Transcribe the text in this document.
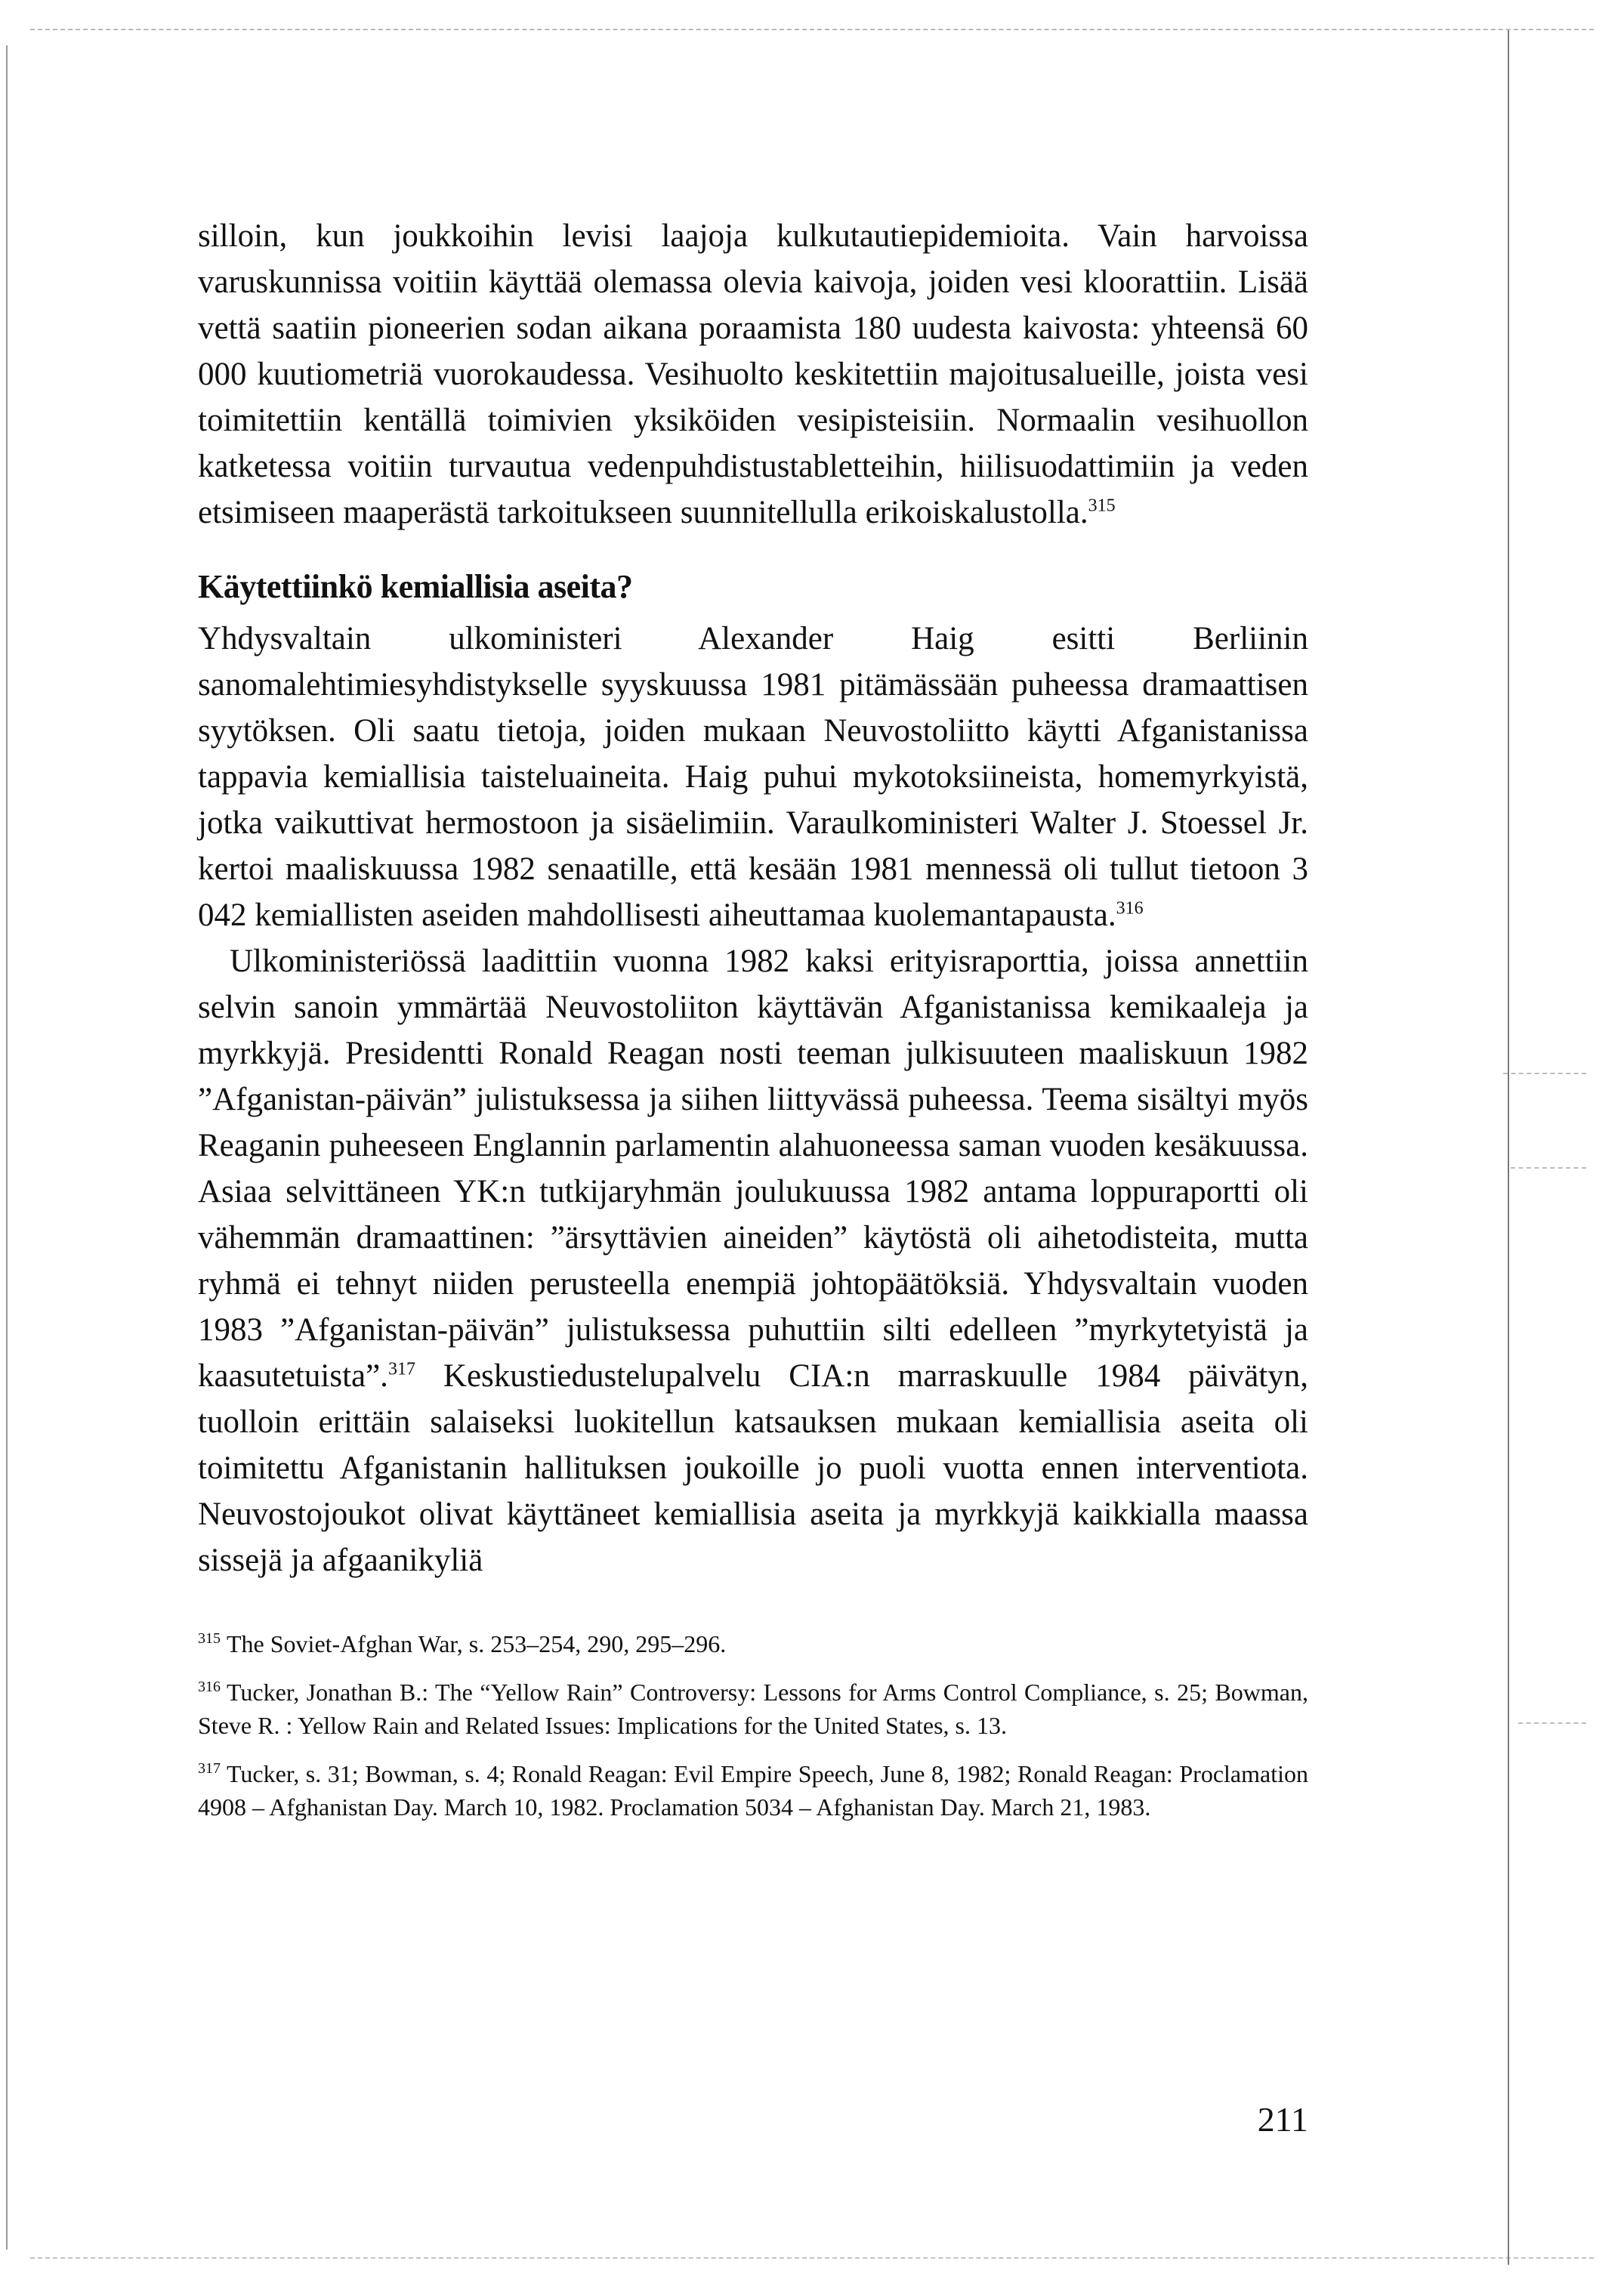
silloin, kun joukkoihin levisi laajoja kulkutautiepidemioita. Vain harvoissa varuskunnissa voitiin käyttää olemassa olevia kaivoja, joiden vesi kloorattiin. Lisää vettä saatiin pioneerien sodan aikana poraamista 180 uudesta kaivosta: yhteensä 60 000 kuutiometriä vuorokaudessa. Vesihuolto keskitettiin majoitusalueille, joista vesi toimitettiin kentällä toimivien yksiköiden vesipisteisiin. Normaalin vesihuollon katketessa voitiin turvautua vedenpuhdistustabletteihin, hiilisuodattimiin ja veden etsimiseen maaperästä tarkoitukseen suunnitellulla erikoiskalustolla.$^{315}$

Käytettiinkö kemiallisia aseita?

Yhdysvaltain ulkoministeri Alexander Haig esitti Berliinin sanomalehtimiesyhdistykselle syyskuussa 1981 pitämässään puheessa dramaattisen syytöksen. Oli saatu tietoja, joiden mukaan Neuvostoliitto käytti Afganistanissa tappavia kemiallisia taisteluaineita. Haig puhui mykotoksiineista, homemyrkyistä, jotka vaikuttivat hermostoon ja sisäelimiin. Varaulkoministeri Walter J. Stoessel Jr. kertoi maaliskuussa 1982 senaatille, että kesään 1981 mennessä oli tullut tietoon 3 042 kemiallisten aseiden mahdollisesti aiheuttamaa kuolemantapausta.$^{316}$

Ulkoministeriössä laadittiin vuonna 1982 kaksi erityisraporttia, joissa annettiin selvin sanoin ymmärtää Neuvostoliiton käyttävän Afganistanissa kemikaaleja ja myrkkyjä. Presidentti Ronald Reagan nosti teeman julkisuuteen maaliskuun 1982 ”Afganistan-päivän” julistuksessa ja siihen liittyvässä puheessa. Teema sisältyi myös Reaganin puheeseen Englannin parlamentin alahuoneessa saman vuoden kesäkuussa. Asiaa selvittäneen YK:n tutkijaryhmän joulukuussa 1982 antama loppuraportti oli vähemmän dramaattinen: ”ärsyttävien aineiden” käytöstä oli aihetodisteita, mutta ryhmä ei tehnyt niiden perusteella enempiä johtopäätöksiä. Yhdysvaltain vuoden 1983 ”Afganistan-päivän” julistuksessa puhuttiin silti edelleen ”myrkytetyistä ja kaasutetuista”.$^{317}$ Keskustiedustelupalvelu CIA:n marraskuulle 1984 päivätyn, tuolloin erittäin salaiseksi luokitellun katsauksen mukaan kemiallisia aseita oli toimitettu Afganistanin hallituksen joukoille jo puoli vuotta ennen interventiota. Neuvostojoukot olivat käyttäneet kemiallisia aseita ja myrkkyjä kaikkialla maassa sissejä ja afgaanikyliä

$^{315}$ The Soviet-Afghan War, s. 253–254, 290, 295–296.

$^{316}$ Tucker, Jonathan B.: The “Yellow Rain” Controversy: Lessons for Arms Control Compliance, s. 25; Bowman, Steve R. : Yellow Rain and Related Issues: Implications for the United States, s. 13.

$^{317}$ Tucker, s. 31; Bowman, s. 4; Ronald Reagan: Evil Empire Speech, June 8, 1982; Ronald Reagan: Proclamation 4908 – Afghanistan Day. March 10, 1982. Proclamation 5034 – Afghanistan Day. March 21, 1983.

211
